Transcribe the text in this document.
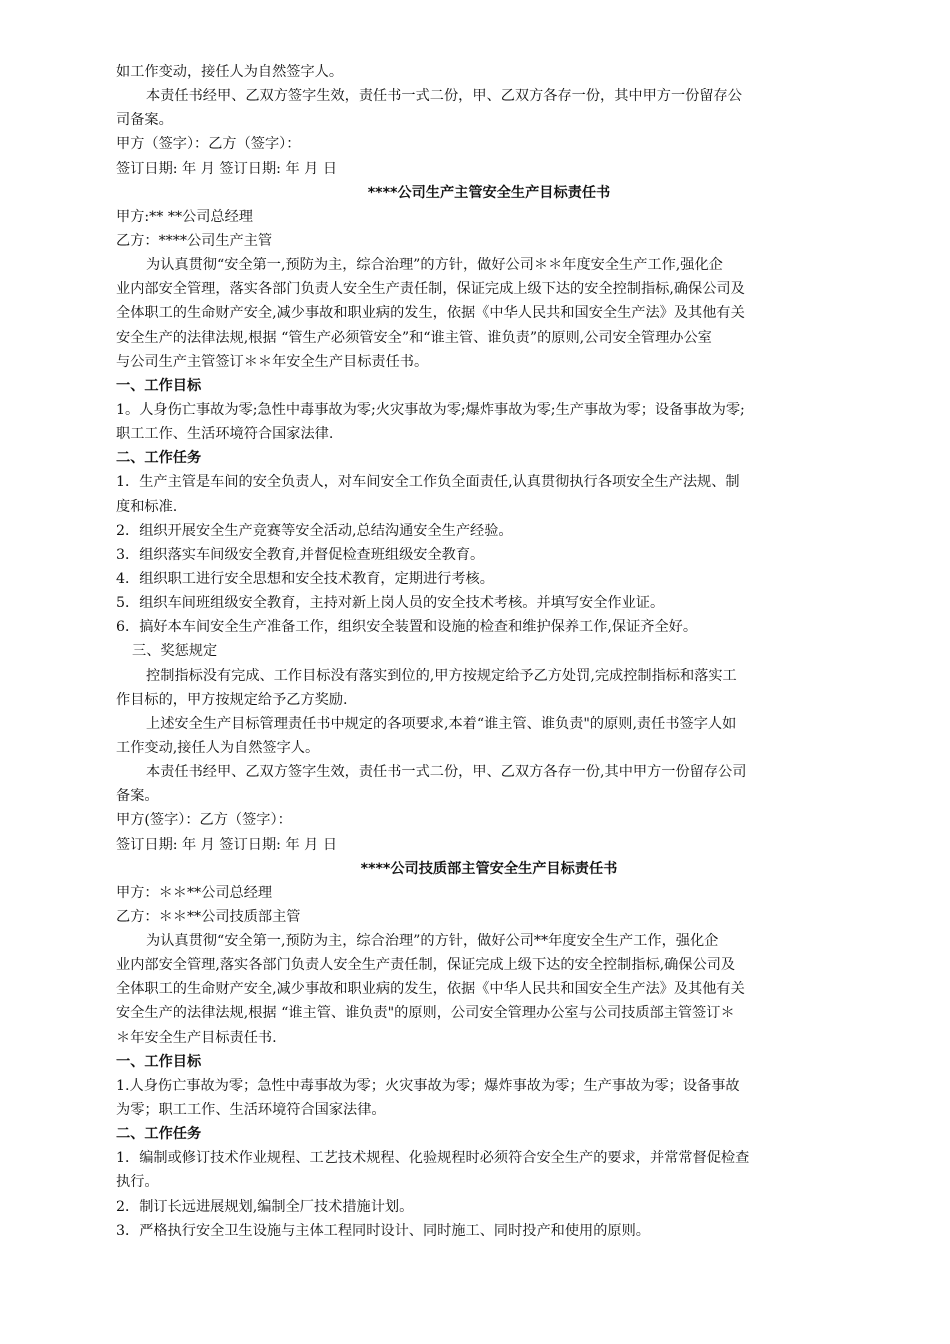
如工作变动，接任人为自然签字人。
本责任书经甲、乙双方签字生效，责任书一式二份，甲、乙双方各存一份，其中甲方一份留存公
司备案。
甲方（签字）：乙方（签字）：
签订日期: 年 月 签订日期: 年 月 日
****公司生产主管安全生产目标责任书
甲方:** **公司总经理
乙方：****公司生产主管
为认真贯彻“安全第一,预防为主，综合治理”的方针，做好公司＊＊年度安全生产工作,强化企
业内部安全管理，落实各部门负责人安全生产责任制，保证完成上级下达的安全控制指标,确保公司及
全体职工的生命财产安全,减少事故和职业病的发生，依据《中华人民共和国安全生产法》及其他有关
安全生产的法律法规,根据 “管生产必须管安全”和“谁主管、谁负责”的原则,公司安全管理办公室
与公司生产主管签订＊＊年安全生产目标责任书。
一、工作目标
1。人身伤亡事故为零;急性中毒事故为零;火灾事故为零;爆炸事故为零;生产事故为零；设备事故为零;
职工工作、生活环境符合国家法律.
二、工作任务
1．生产主管是车间的安全负责人，对车间安全工作负全面责任,认真贯彻执行各项安全生产法规、制
度和标准.
2．组织开展安全生产竞赛等安全活动,总结沟通安全生产经验。
3．组织落实车间级安全教育,并督促检查班组级安全教育。
4．组织职工进行安全思想和安全技术教育，定期进行考核。
5．组织车间班组级安全教育，主持对新上岗人员的安全技术考核。并填写安全作业证。
6．搞好本车间安全生产准备工作，组织安全装置和设施的检查和维护保养工作,保证齐全好。
三、奖惩规定
控制指标没有完成、工作目标没有落实到位的,甲方按规定给予乙方处罚,完成控制指标和落实工
作目标的，甲方按规定给予乙方奖励.
上述安全生产目标管理责任书中规定的各项要求,本着“谁主管、谁负责"的原则,责任书签字人如
工作变动,接任人为自然签字人。
本责任书经甲、乙双方签字生效，责任书一式二份，甲、乙双方各存一份,其中甲方一份留存公司
备案。
甲方(签字）：乙方（签字）：
签订日期: 年 月 签订日期: 年 月 日
****公司技质部主管安全生产目标责任书
甲方：＊＊**公司总经理
乙方：＊＊**公司技质部主管
为认真贯彻“安全第一,预防为主，综合治理”的方针，做好公司**年度安全生产工作，强化企
业内部安全管理,落实各部门负责人安全生产责任制，保证完成上级下达的安全控制指标,确保公司及
全体职工的生命财产安全,减少事故和职业病的发生，依据《中华人民共和国安全生产法》及其他有关
安全生产的法律法规,根据 “谁主管、谁负责"的原则，公司安全管理办公室与公司技质部主管签订＊
＊年安全生产目标责任书.
一、工作目标
1.人身伤亡事故为零；急性中毒事故为零；火灾事故为零；爆炸事故为零；生产事故为零；设备事故
为零；职工工作、生活环境符合国家法律。
二、工作任务
1．编制或修订技术作业规程、工艺技术规程、化验规程时必须符合安全生产的要求，并常常督促检查
执行。
2．制订长远进展规划,编制全厂技术措施计划。
3．严格执行安全卫生设施与主体工程同时设计、同时施工、同时投产和使用的原则。
